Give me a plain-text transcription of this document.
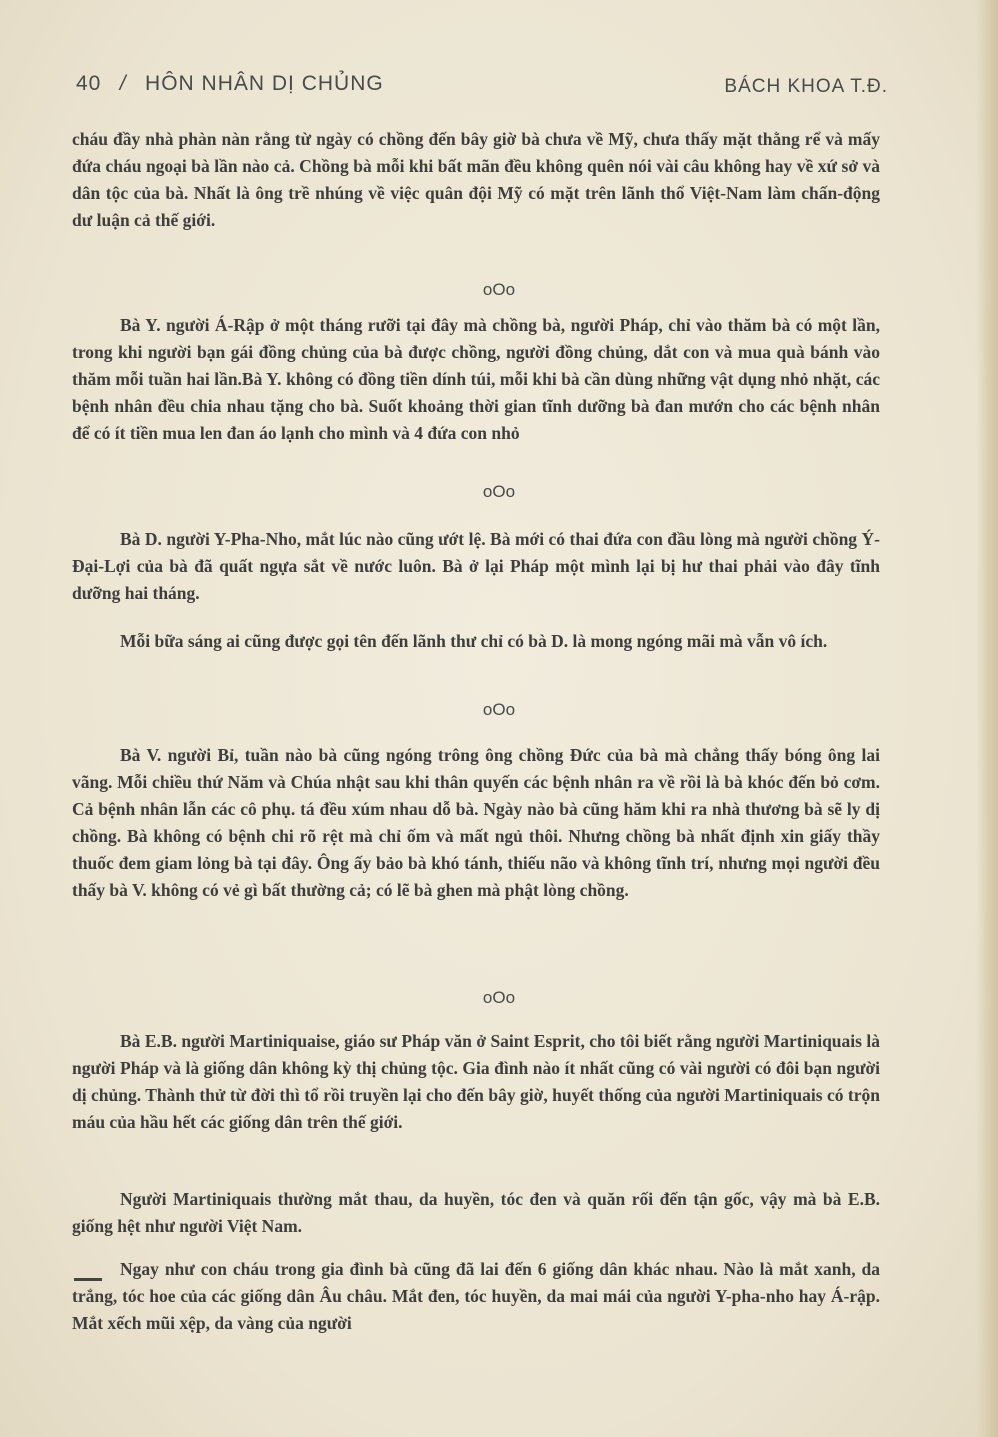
40 / HÔN NHÂN DỊ CHỦNG	BÁCH KHOA T.Đ.

cháu đầy nhà phàn nàn rằng từ ngày có chồng đến bây giờ bà chưa về Mỹ, chưa thấy mặt thằng rể và mấy đứa cháu ngoại bà lần nào cả. Chồng bà mỗi khi bất mãn đều không quên nói vài câu không hay về xứ sở và dân tộc của bà. Nhất là ông trề nhúng về việc quân đội Mỹ có mặt trên lãnh thổ Việt-Nam làm chấn-động dư luận cả thế giới.

oOo

Bà Y. người Á-Rập ở một tháng rưỡi tại đây mà chồng bà, người Pháp, chỉ vào thăm bà có một lần, trong khi người bạn gái đồng chủng của bà được chồng, người đồng chủng, dắt con và mua quà bánh vào thăm mỗi tuần hai lần.Bà Y. không có đồng tiền dính túi, mỗi khi bà cần dùng những vật dụng nhỏ nhặt, các bệnh nhân đều chia nhau tặng cho bà. Suốt khoảng thời gian tĩnh dưỡng bà đan mướn cho các bệnh nhân để có ít tiền mua len đan áo lạnh cho mình và 4 đứa con nhỏ

oOo

Bà D. người Y-Pha-Nho, mắt lúc nào cũng ướt lệ. Bà mới có thai đứa con đầu lòng mà người chồng Ý-Đại-Lợi của bà đã quất ngựa sắt về nước luôn. Bà ở lại Pháp một mình lại bị hư thai phải vào đây tĩnh dưỡng hai tháng.

Mỗi bữa sáng ai cũng được gọi tên đến lãnh thư chỉ có bà D. là mong ngóng mãi mà vẫn vô ích.

oOo

Bà V. người Bỉ, tuần nào bà cũng ngóng trông ông chồng Đức của bà mà chẳng thấy bóng ông lai vãng. Mỗi chiều thứ Năm và Chúa nhật sau khi thân quyến các bệnh nhân ra về rồi là bà khóc đến bỏ cơm. Cả bệnh nhân lẫn các cô phụ. tá đều xúm nhau dỗ bà. Ngày nào bà cũng hăm khi ra nhà thương bà sẽ ly dị chồng. Bà không có bệnh chi rõ rệt mà chỉ ốm và mất ngủ thôi. Nhưng chồng bà nhất định xin giấy thầy thuốc đem giam lỏng bà tại đây. Ông ấy bảo bà khó tánh, thiếu não và không tĩnh trí, nhưng mọi người đều thấy bà V. không có vẻ gì bất thường cả; có lẽ bà ghen mà phật lòng chồng.

oOo

Bà E.B. người Martiniquaise, giáo sư Pháp văn ở Saint Esprit, cho tôi biết rằng người Martiniquais là người Pháp và là giống dân không kỳ thị chủng tộc. Gia đình nào ít nhất cũng có vài người có đôi bạn người dị chủng. Thành thử từ đời thì tổ rồi truyền lại cho đến bây giờ, huyết thống của người Martiniquais có trộn máu của hầu hết các giống dân trên thế giới.

Người Martiniquais thường mắt thau, da huyền, tóc đen và quăn rối đến tận gốc, vậy mà bà E.B. giống hệt như người Việt Nam.

Ngay như con cháu trong gia đình bà cũng đã lai đến 6 giống dân khác nhau. Nào là mắt xanh, da trắng, tóc hoe của các giống dân Âu châu. Mắt đen, tóc huyền, da mai mái của người Y-pha-nho hay Á-rập. Mắt xếch mũi xệp, da vàng của người
